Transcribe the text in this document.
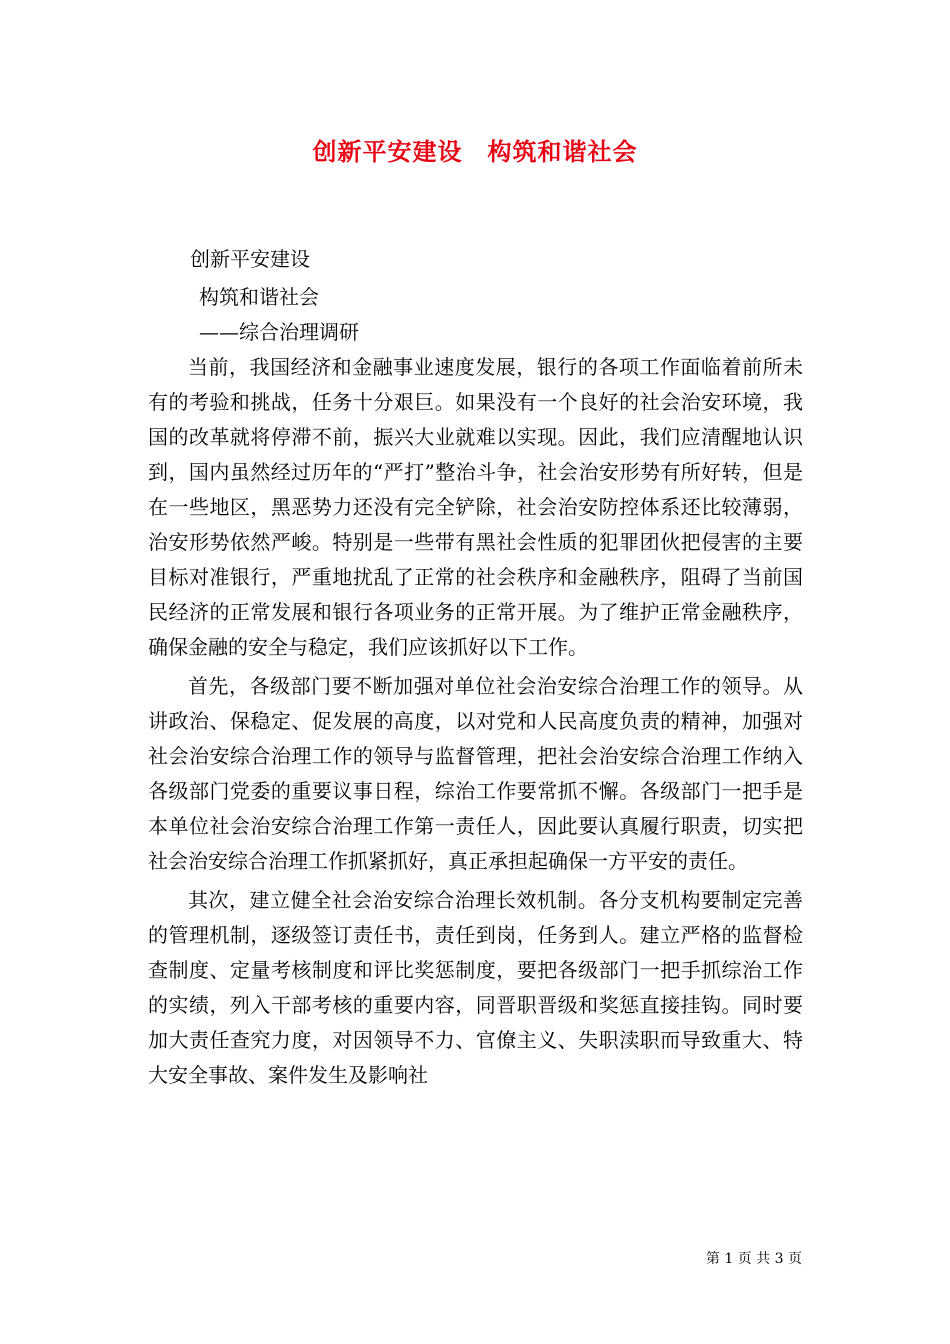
创新平安建设　构筑和谐社会
创新平安建设
构筑和谐社会
——综合治理调研

当前，我国经济和金融事业速度发展，银行的各项工作面临着前所未有的考验和挑战，任务十分艰巨。如果没有一个良好的社会治安环境，我国的改革就将停滞不前，振兴大业就难以实现。因此，我们应清醒地认识到，国内虽然经过历年的“严打”整治斗争，社会治安形势有所好转，但是在一些地区，黑恶势力还没有完全铲除，社会治安防控体系还比较薄弱，治安形势依然严峻。特别是一些带有黑社会性质的犯罪团伙把侵害的主要目标对准银行，严重地扰乱了正常的社会秩序和金融秩序，阻碍了当前国民经济的正常发展和银行各项业务的正常开展。为了维护正常金融秩序，确保金融的安全与稳定，我们应该抓好以下工作。

首先，各级部门要不断加强对单位社会治安综合治理工作的领导。从讲政治、保稳定、促发展的高度，以对党和人民高度负责的精神，加强对社会治安综合治理工作的领导与监督管理，把社会治安综合治理工作纳入各级部门党委的重要议事日程，综治工作要常抓不懈。各级部门一把手是本单位社会治安综合治理工作第一责任人，因此要认真履行职责，切实把社会治安综合治理工作抓紧抓好，真正承担起确保一方平安的责任。

其次，建立健全社会治安综合治理长效机制。各分支机构要制定完善的管理机制，逐级签订责任书，责任到岗，任务到人。建立严格的监督检查制度、定量考核制度和评比奖惩制度，要把各级部门一把手抓综治工作的实绩，列入干部考核的重要内容，同晋职晋级和奖惩直接挂钩。同时要加大责任查究力度，对因领导不力、官僚主义、失职渎职而导致重大、特大安全事故、案件发生及影响社

第 1 页 共 3 页
